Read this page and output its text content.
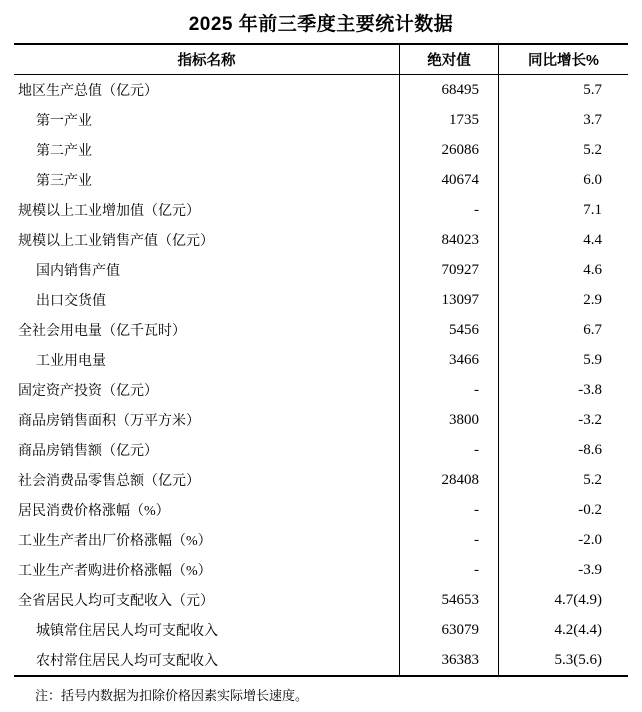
2025 年前三季度主要统计数据
指标名称	绝对值	同比增长%
地区生产总值（亿元）	68495	5.7
第一产业	1735	3.7
第二产业	26086	5.2
第三产业	40674	6.0
规模以上工业增加值（亿元）	-	7.1
规模以上工业销售产值（亿元）	84023	4.4
国内销售产值	70927	4.6
出口交货值	13097	2.9
全社会用电量（亿千瓦时）	5456	6.7
工业用电量	3466	5.9
固定资产投资（亿元）	-	-3.8
商品房销售面积（万平方米）	3800	-3.2
商品房销售额（亿元）	-	-8.6
社会消费品零售总额（亿元）	28408	5.2
居民消费价格涨幅（%）	-	-0.2
工业生产者出厂价格涨幅（%）	-	-2.0
工业生产者购进价格涨幅（%）	-	-3.9
全省居民人均可支配收入（元）	54653	4.7(4.9)
城镇常住居民人均可支配收入	63079	4.2(4.4)
农村常住居民人均可支配收入	36383	5.3(5.6)
注：括号内数据为扣除价格因素实际增长速度。
